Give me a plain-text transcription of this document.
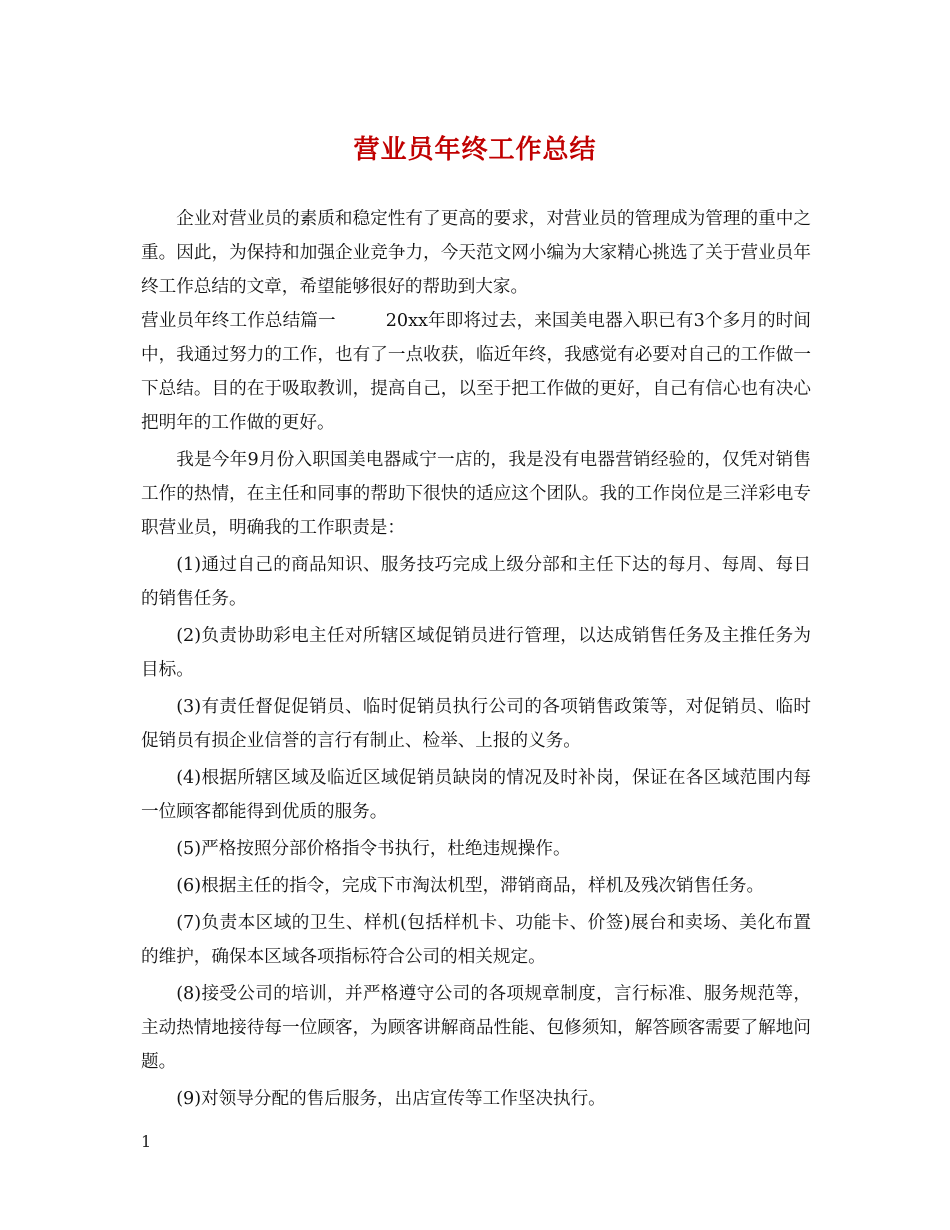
营业员年终工作总结

企业对营业员的素质和稳定性有了更高的要求，对营业员的管理成为管理的重中之重。因此，为保持和加强企业竞争力，今天范文网小编为大家精心挑选了关于营业员年终工作总结的文章，希望能够很好的帮助到大家。

营业员年终工作总结篇一	20xx年即将过去，来国美电器入职已有3个多月的时间中，我通过努力的工作，也有了一点收获，临近年终，我感觉有必要对自己的工作做一下总结。目的在于吸取教训，提高自己，以至于把工作做的更好，自己有信心也有决心把明年的工作做的更好。

我是今年9月份入职国美电器咸宁一店的，我是没有电器营销经验的，仅凭对销售工作的热情，在主任和同事的帮助下很快的适应这个团队。我的工作岗位是三洋彩电专职营业员，明确我的工作职责是：

(1)通过自己的商品知识、服务技巧完成上级分部和主任下达的每月、每周、每日的销售任务。

(2)负责协助彩电主任对所辖区域促销员进行管理，以达成销售任务及主推任务为目标。

(3)有责任督促促销员、临时促销员执行公司的各项销售政策等，对促销员、临时促销员有损企业信誉的言行有制止、检举、上报的义务。

(4)根据所辖区域及临近区域促销员缺岗的情况及时补岗，保证在各区域范围内每一位顾客都能得到优质的服务。

(5)严格按照分部价格指令书执行，杜绝违规操作。

(6)根据主任的指令，完成下市淘汰机型，滞销商品，样机及残次销售任务。

(7)负责本区域的卫生、样机(包括样机卡、功能卡、价签)展台和卖场、美化布置的维护，确保本区域各项指标符合公司的相关规定。

(8)接受公司的培训，并严格遵守公司的各项规章制度，言行标准、服务规范等，主动热情地接待每一位顾客，为顾客讲解商品性能、包修须知，解答顾客需要了解地问题。

(9)对领导分配的售后服务，出店宣传等工作坚决执行。

1
